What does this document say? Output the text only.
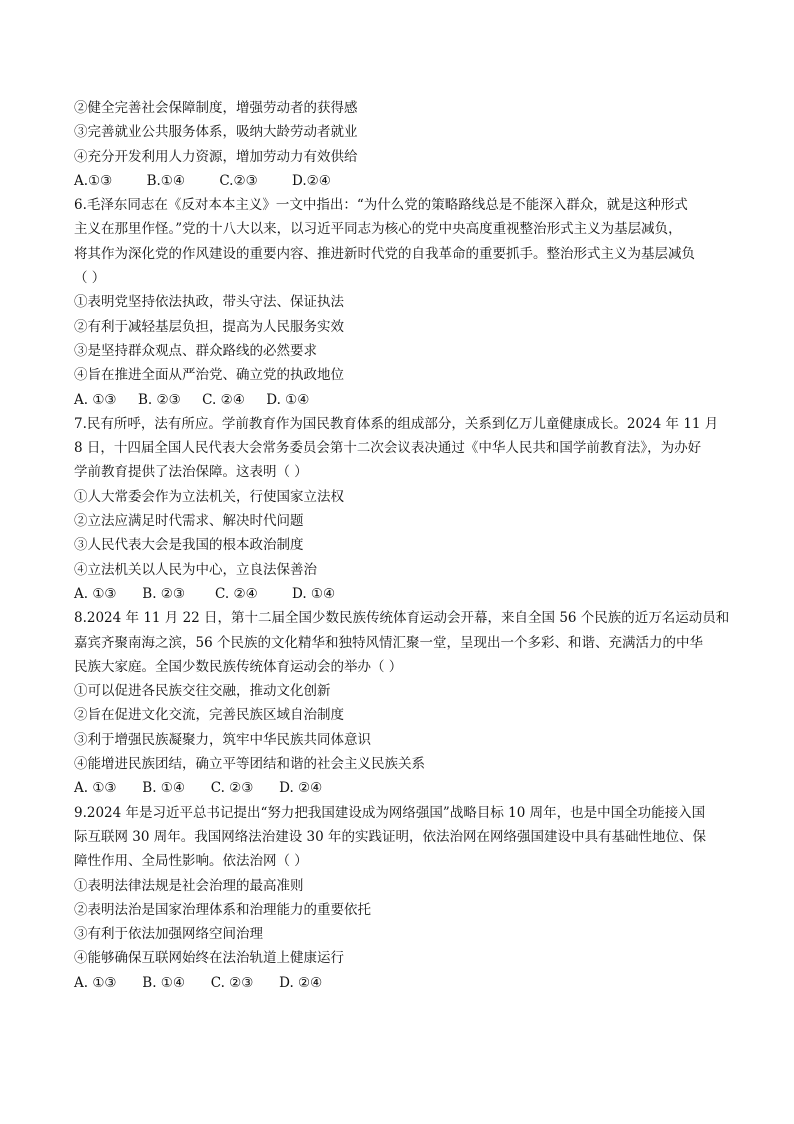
②健全完善社会保障制度，增强劳动者的获得感
③完善就业公共服务体系，吸纳大龄劳动者就业
④充分开发利用人力资源，增加劳动力有效供给
A.①③        B.①④        C.②③        D.②④
6.毛泽东同志在《反对本本主义》一文中指出：“为什么党的策略路线总是不能深入群众，就是这种形式
主义在那里作怪。”党的十八大以来，以习近平同志为核心的党中央高度重视整治形式主义为基层减负，
将其作为深化党的作风建设的重要内容、推进新时代党的自我革命的重要抓手。整治形式主义为基层减负
（ ）
①表明党坚持依法执政，带头守法、保证执法
②有利于减轻基层负担，提高为人民服务实效
③是坚持群众观点、群众路线的必然要求
④旨在推进全面从严治党、确立党的执政地位
A. ①③     B. ②③     C. ②④     D. ①④
7.民有所呼，法有所应。学前教育作为国民教育体系的组成部分，关系到亿万儿童健康成长。2024 年 11 月
8 日，十四届全国人民代表大会常务委员会第十二次会议表决通过《中华人民共和国学前教育法》，为办好
学前教育提供了法治保障。这表明（ ）
①人大常委会作为立法机关，行使国家立法权
②立法应满足时代需求、解决时代问题
③人民代表大会是我国的根本政治制度
④立法机关以人民为中心，立良法保善治
A. ①③      B. ②③       C. ②④        D. ①④
8.2024 年 11 月 22 日，第十二届全国少数民族传统体育运动会开幕，来自全国 56 个民族的近万名运动员和
嘉宾齐聚南海之滨，56 个民族的文化精华和独特风情汇聚一堂，呈现出一个多彩、和谐、充满活力的中华
民族大家庭。全国少数民族传统体育运动会的举办（ ）
①可以促进各民族交往交融，推动文化创新
②旨在促进文化交流，完善民族区域自治制度
③利于增强民族凝聚力，筑牢中华民族共同体意识
④能增进民族团结，确立平等团结和谐的社会主义民族关系
A. ①③      B. ①④      C. ②③      D. ②④
9.2024 年是习近平总书记提出“努力把我国建设成为网络强国”战略目标 10 周年，也是中国全功能接入国
际互联网 30 周年。我国网络法治建设 30 年的实践证明，依法治网在网络强国建设中具有基础性地位、保
障性作用、全局性影响。依法治网（ ）
①表明法律法规是社会治理的最高准则
②表明法治是国家治理体系和治理能力的重要依托
③有利于依法加强网络空间治理
④能够确保互联网始终在法治轨道上健康运行
A. ①③      B. ①④      C. ②③      D. ②④
